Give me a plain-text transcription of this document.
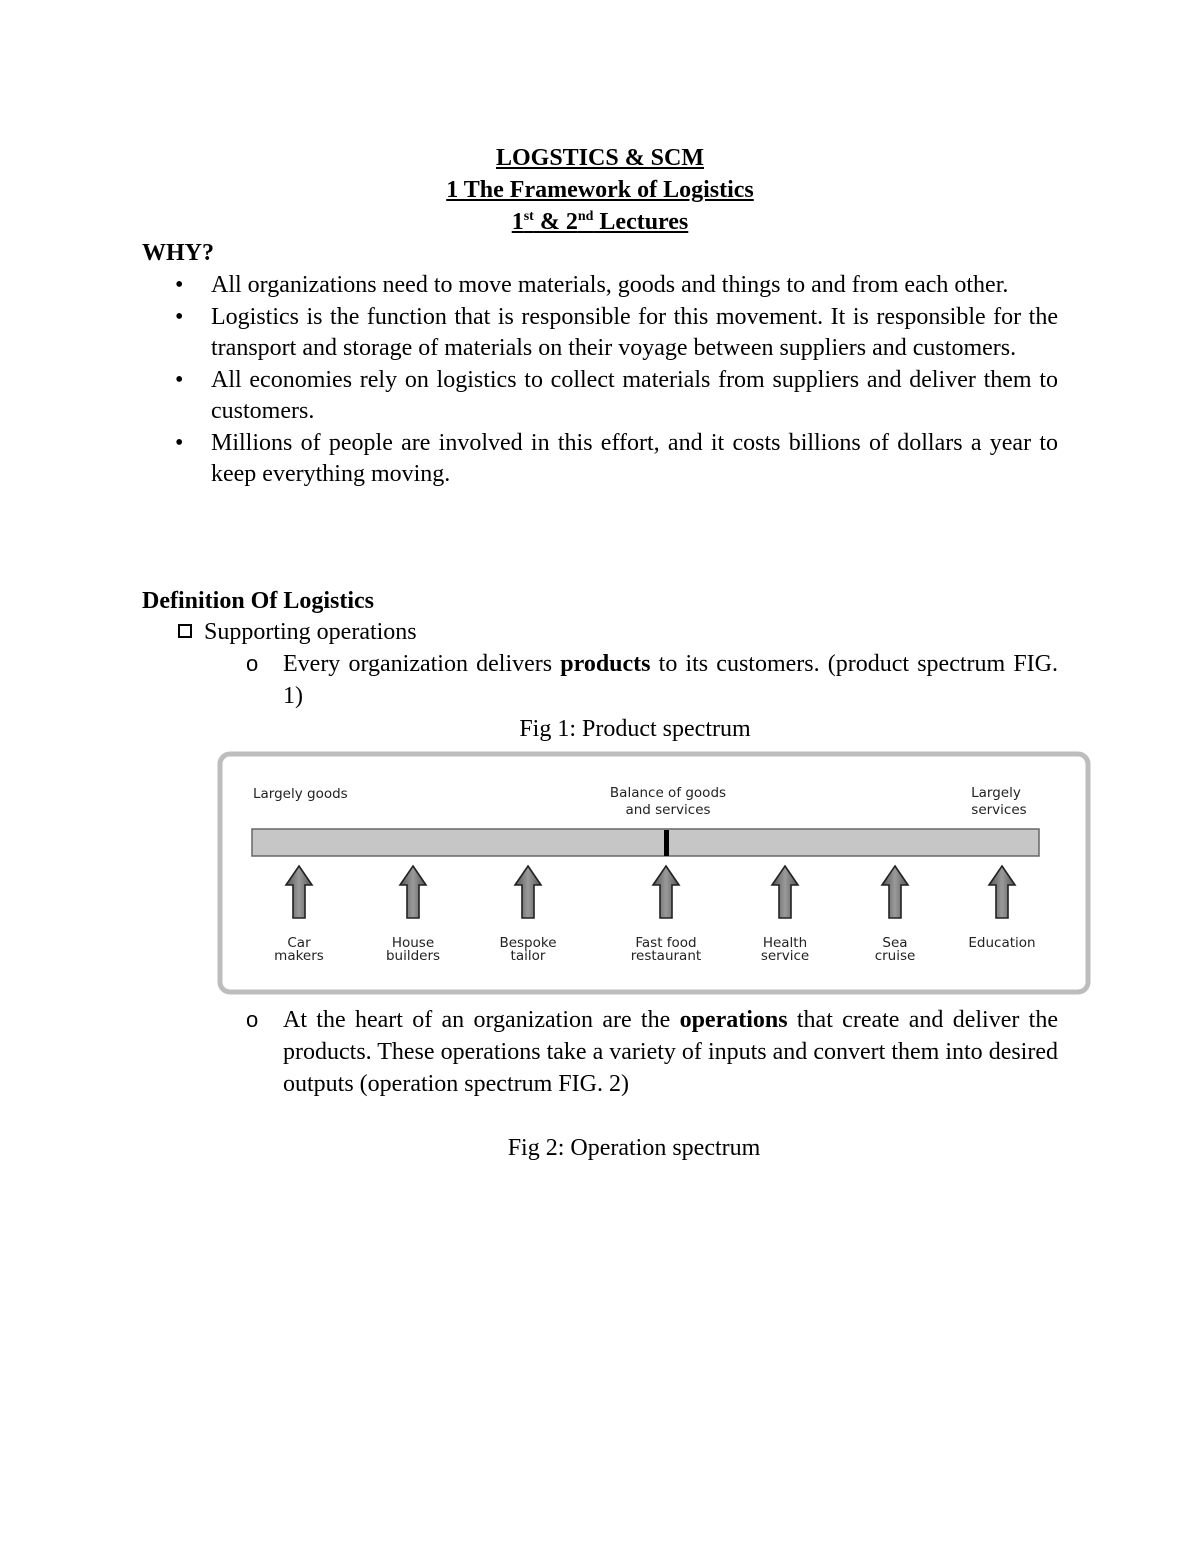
LOGSTICS & SCM
1 The Framework of Logistics
1st & 2nd Lectures
WHY?
• All organizations need to move materials, goods and things to and from each other.
• Logistics is the function that is responsible for this movement. It is responsible for the transport and storage of materials on their voyage between suppliers and customers.
• All economies rely on logistics to collect materials from suppliers and deliver them to customers.
• Millions of people are involved in this effort, and it costs billions of dollars a year to keep everything moving.
Definition Of Logistics
Supporting operations
o Every organization delivers products to its customers. (product spectrum FIG. 1)
Fig 1: Product spectrum
Largely goods	Balance of goods
and services
Largely
services
Car
makers
House
builders
Bespoke
tailor
Fast food
restaurant
Health
service
Sea
cruise
Education
o At the heart of an organization are the operations that create and deliver the products. These operations take a variety of inputs and convert them into desired outputs (operation spectrum FIG. 2)
Fig 2: Operation spectrum
